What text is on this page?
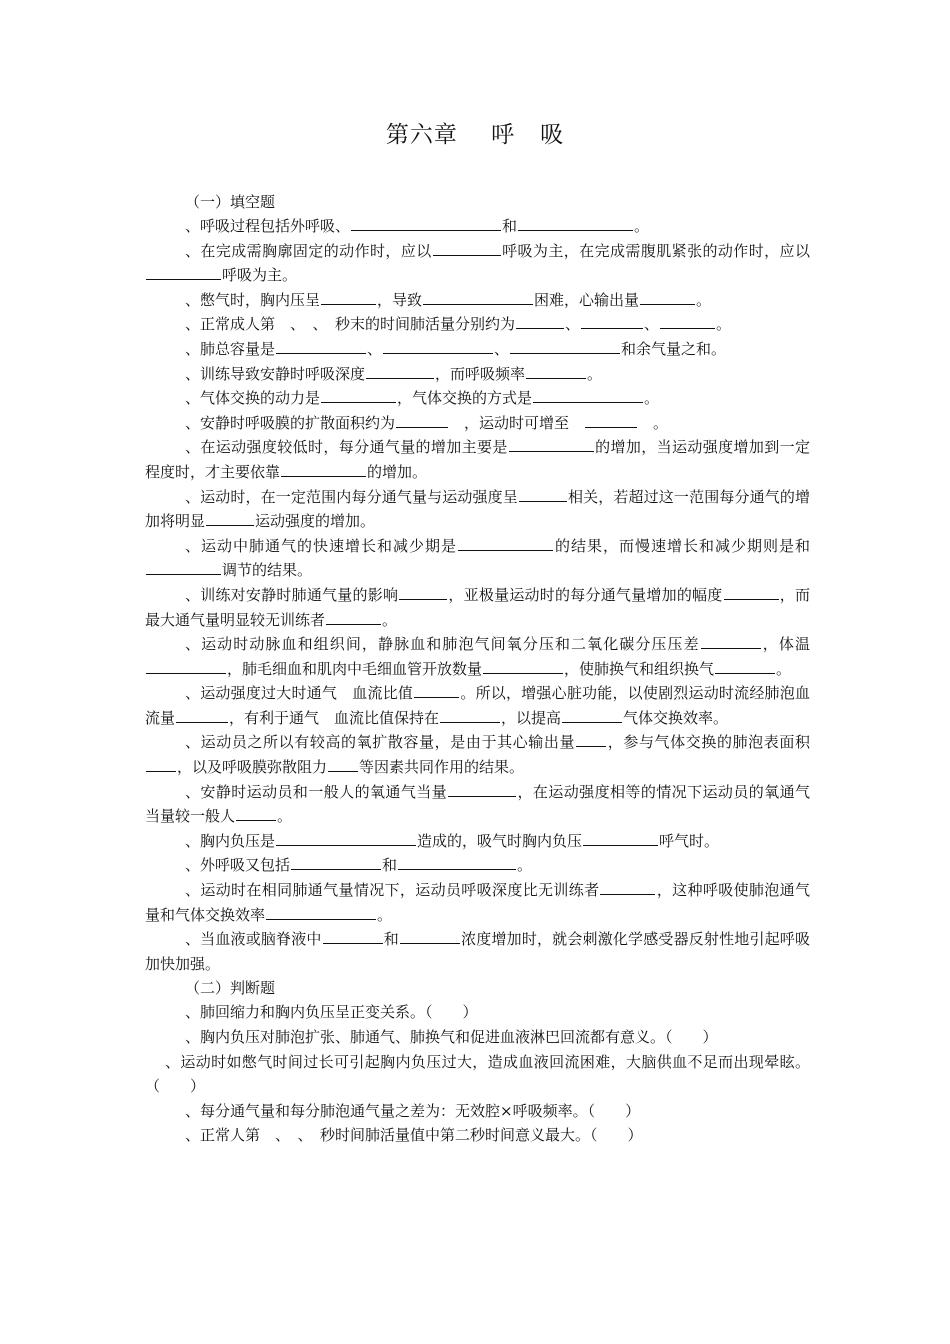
第六章    呼   吸
（一）填空题
、呼吸过程包括外呼吸、	和	。
、在完成需胸廓固定的动作时，应以	呼吸为主，在完成需腹肌紧张的动作时，应以呼吸为主。
、憋气时，胸内压呈	，导致	困难，心输出量	。
、正常成人第　、　、　秒末的时间肺活量分别约为	、	、	。
、肺总容量是	、	、	和余气量之和。
、训练导致安静时呼吸深度	，而呼吸频率	。
、气体交换的动力是	，气体交换的方式是	。
、安静时呼吸膜的扩散面积约为	　，运动时可增至　	　。
、在运动强度较低时，每分通气量的增加主要是	的增加，当运动强度增加到一定程度时，才主要依靠	的增加。
、运动时，在一定范围内每分通气量与运动强度呈	相关，若超过这一范围每分通气的增加将明显	运动强度的增加。
、运动中肺通气的快速增长和减少期是	的结果，而慢速增长和减少期则是和调节的结果。
、训练对安静时肺通气量的影响	，亚极量运动时的每分通气量增加的幅度	，而最大通气量明显较无训练者	。
、运动时动脉血和组织间，静脉血和肺泡气间氧分压和二氧化碳分压压差	，体温，肺毛细血和肌肉中毛细血管开放数量	，使肺换气和组织换气	。
、运动强度过大时通气　血流比值	。所以，增强心脏功能，以使剧烈运动时流经肺泡血流量	，有利于通气　血流比值保持在	，以提高	气体交换效率。
、运动员之所以有较高的氧扩散容量，是由于其心输出量 ，参与气体交换的肺泡表面积，以及呼吸膜弥散阻力 等因素共同作用的结果。
、安静时运动员和一般人的氧通气当量	，在运动强度相等的情况下运动员的氧通气当量较一般人	。
、胸内负压是	造成的，吸气时胸内负压	呼气时。
、外呼吸又包括	和	。
、运动时在相同肺通气量情况下，运动员呼吸深度比无训练者	，这种呼吸使肺泡通气量和气体交换效率	。
、当血液或脑脊液中	和	浓度增加时，就会刺激化学感受器反射性地引起呼吸加快加强。
（二）判断题
、肺回缩力和胸内负压呈正变关系。（　　）
、胸内负压对肺泡扩张、肺通气、肺换气和促进血液淋巴回流都有意义。（　　）
、运动时如憋气时间过长可引起胸内负压过大，造成血液回流困难，大脑供血不足而出现晕眩。（　　）
、每分通气量和每分肺泡通气量之差为：无效腔×呼吸频率。（　　）
、正常人第　、　、　秒时间肺活量值中第二秒时间意义最大。（　　）
